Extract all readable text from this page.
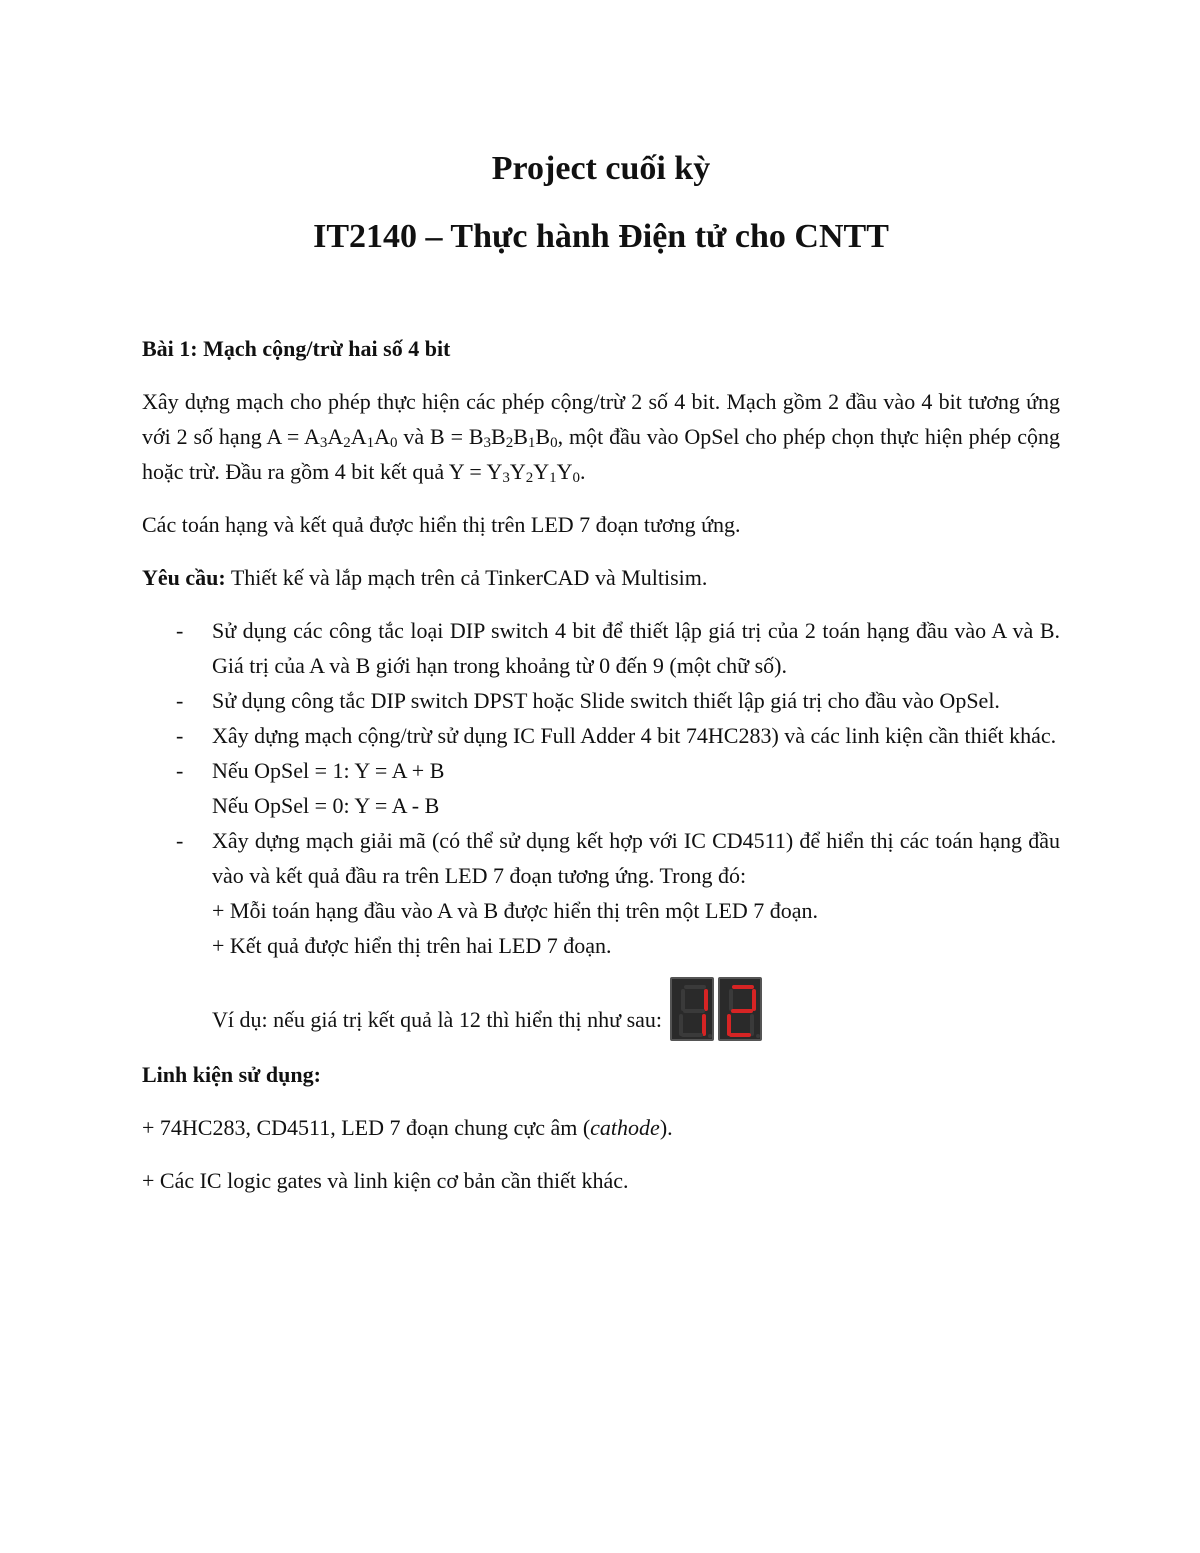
Project cuối kỳ
IT2140 – Thực hành Điện tử cho CNTT
Bài 1: Mạch cộng/trừ hai số 4 bit

Xây dựng mạch cho phép thực hiện các phép cộng/trừ 2 số 4 bit. Mạch gồm 2 đầu vào 4 bit tương ứng với 2 số hạng $A = A_3A_2A_1A_0$ và $B = B_3B_2B_1B_0$, một đầu vào OpSel cho phép chọn thực hiện phép cộng hoặc trừ. Đầu ra gồm 4 bit kết quả $Y = Y_3Y_2Y_1Y_0$.

Các toán hạng và kết quả được hiển thị trên LED 7 đoạn tương ứng.

Yêu cầu: Thiết kế và lắp mạch trên cả TinkerCAD và Multisim.

- Sử dụng các công tắc loại DIP switch 4 bit để thiết lập giá trị của 2 toán hạng đầu vào A và B. Giá trị của A và B giới hạn trong khoảng từ 0 đến 9 (một chữ số).
- Sử dụng công tắc DIP switch DPST hoặc Slide switch thiết lập giá trị cho đầu vào OpSel.
- Xây dựng mạch cộng/trừ sử dụng IC Full Adder 4 bit 74HC283) và các linh kiện cần thiết khác.
- Nếu OpSel = 1: Y = A + B
Nếu OpSel = 0: Y = A - B
- Xây dựng mạch giải mã (có thể sử dụng kết hợp với IC CD4511) để hiển thị các toán hạng đầu vào và kết quả đầu ra trên LED 7 đoạn tương ứng. Trong đó:
+ Mỗi toán hạng đầu vào A và B được hiển thị trên một LED 7 đoạn.
+ Kết quả được hiển thị trên hai LED 7 đoạn.
Ví dụ: nếu giá trị kết quả là 12 thì hiển thị như sau:
Linh kiện sử dụng:

+ 74HC283, CD4511, LED 7 đoạn chung cực âm (cathode).

+ Các IC logic gates và linh kiện cơ bản cần thiết khác.
